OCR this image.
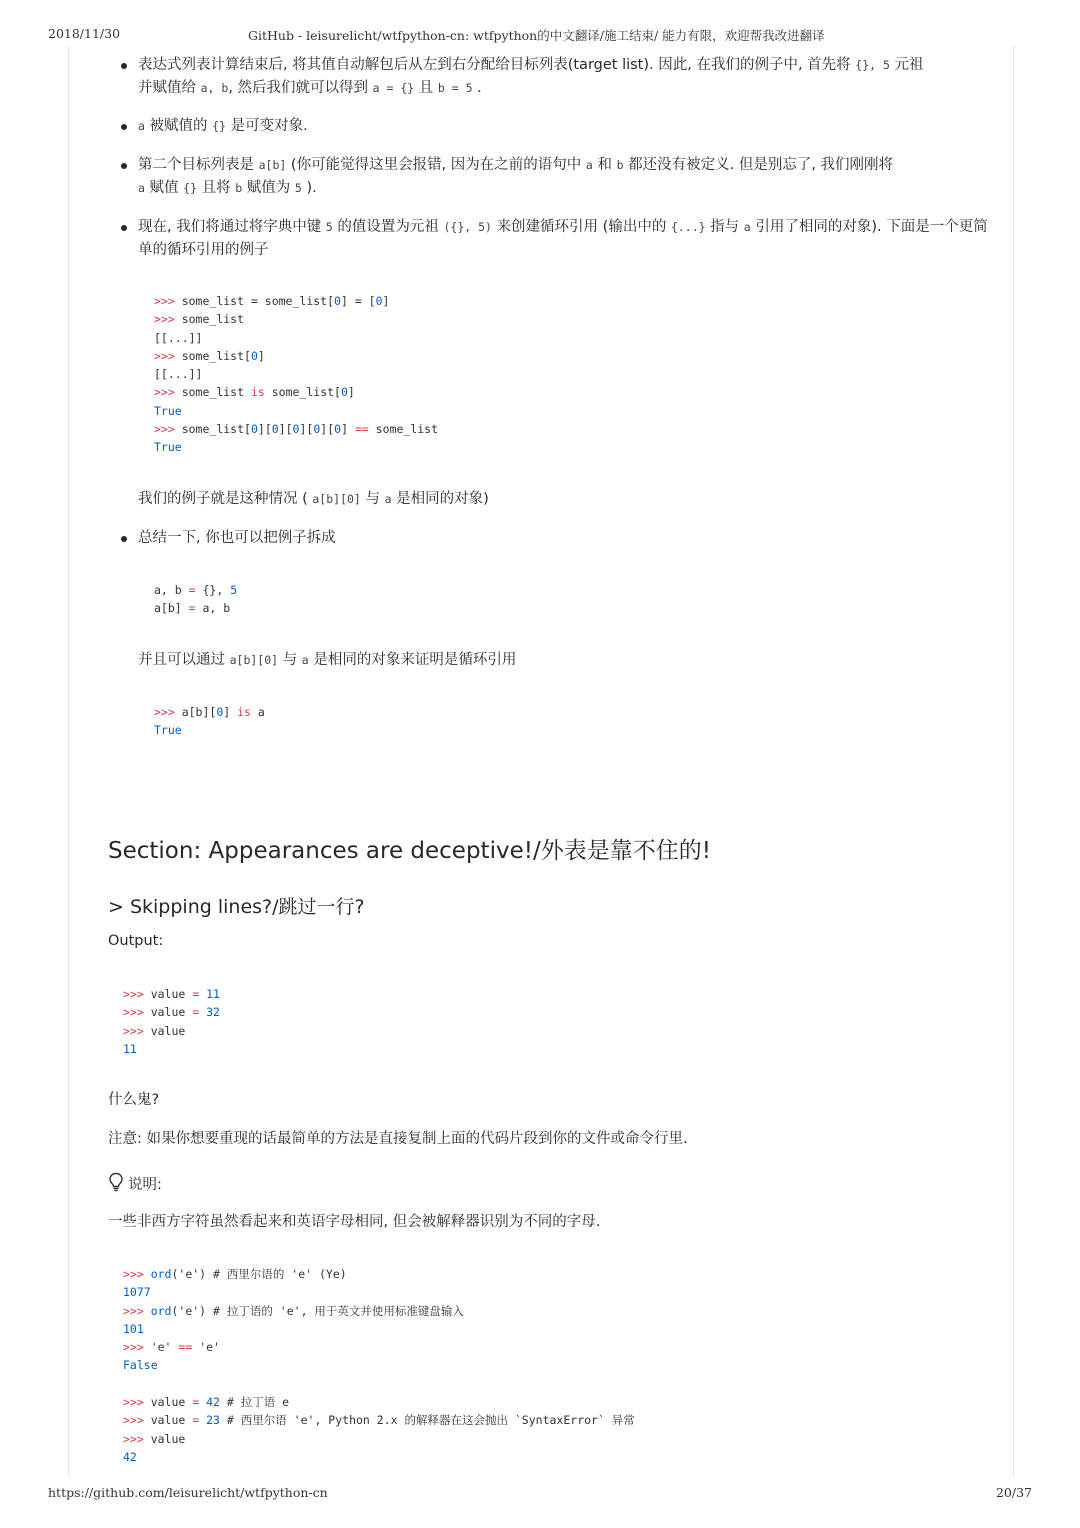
2018/11/30	GitHub - leisurelicht/wtfpython-cn: wtfpython的中文翻译/施工结束/ 能力有限，欢迎帮我改进翻译
表达式列表计算结束后, 将其值自动解包后从左到右分配给目标列表(target list). 因此, 在我们的例子中, 首先将 {}, 5 元祖
并赋值给 a, b, 然后我们就可以得到 a = {} 且 b = 5 .
a 被赋值的 {} 是可变对象.
第二个目标列表是 a[b] (你可能觉得这里会报错, 因为在之前的语句中 a 和 b 都还没有被定义. 但是别忘了, 我们刚刚将
a 赋值 {} 且将 b 赋值为 5 ).
现在, 我们将通过将字典中键 5 的值设置为元祖 ({}, 5) 来创建循环引用 (输出中的 {...} 指与 a 引用了相同的对象). 下面是一个更简单的循环引用的例子
>>> some_list = some_list[0] = [0]
>>> some_list
[[...]]
>>> some_list[0]
[[...]]
>>> some_list is some_list[0]
True
>>> some_list[0][0][0][0][0] == some_list
True
我们的例子就是这种情况 ( a[b][0] 与 a 是相同的对象)
总结一下, 你也可以把例子拆成
a, b = {}, 5
a[b] = a, b
并且可以通过 a[b][0] 与 a 是相同的对象来证明是循环引用
>>> a[b][0] is a
True
Section: Appearances are deceptive!/外表是靠不住的!
> Skipping lines?/跳过一行?
Output:
>>> value = 11
>>> value = 32
>>> value
11
什么鬼?
注意: 如果你想要重现的话最简单的方法是直接复制上面的代码片段到你的文件或命令行里.
说明:
一些非西方字符虽然看起来和英语字母相同, 但会被解释器识别为不同的字母.
>>> ord('е') # 西里尔语的 'e' (Ye)
1077
>>> ord('e') # 拉丁语的 'e', 用于英文并使用标准键盘输入
101
>>> 'e' == 'е'
False

>>> value = 42 # 拉丁语 e
>>> valuе = 23 # 西里尔语 'e', Python 2.x 的解释器在这会抛出 `SyntaxError` 异常
>>> value
42
https://github.com/leisurelicht/wtfpython-cn	20/37
